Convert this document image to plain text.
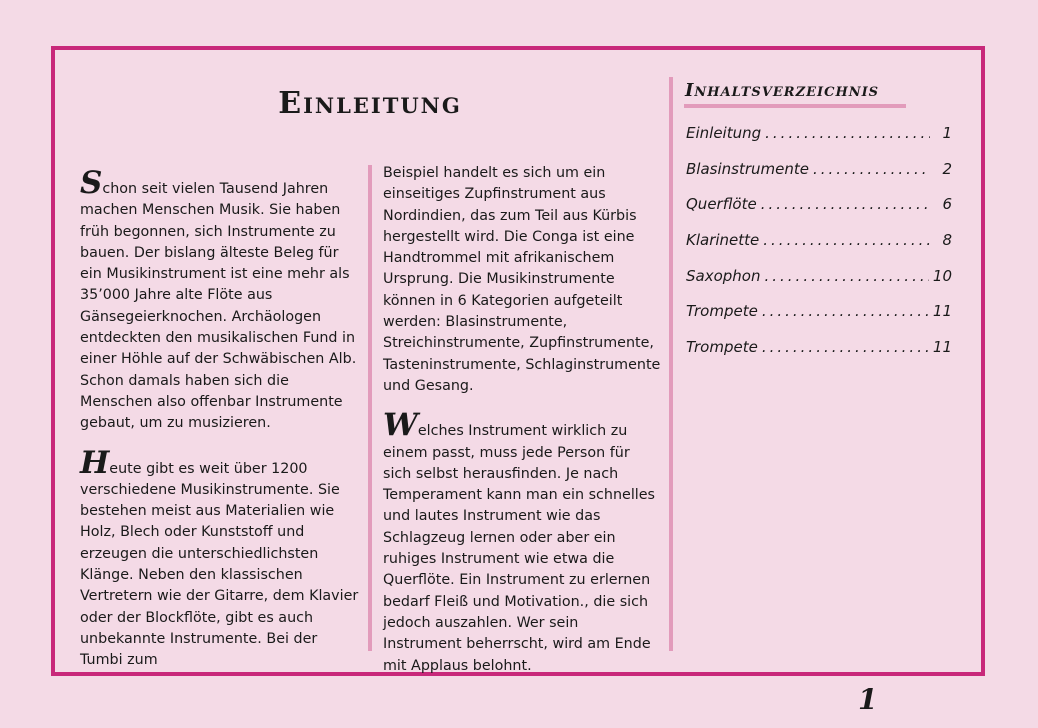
Einleitung

Schon seit vielen Tausend Jahren machen Menschen Musik. Sie haben früh begonnen, sich Instrumente zu bauen. Der bislang älteste Beleg für ein Musikinstrument ist eine mehr als 35’000 Jahre alte Flöte aus Gänsegeierknochen. Archäologen entdeckten den musikalischen Fund in einer Höhle auf der Schwäbischen Alb. Schon damals haben sich die Menschen also offenbar Instrumente gebaut, um zu musizieren.

Heute gibt es weit über 1200 verschiedene Musikinstrumente. Sie bestehen meist aus Materialien wie Holz, Blech oder Kunststoff und erzeugen die unterschiedlichsten Klänge. Neben den klassischen Vertretern wie der Gitarre, dem Klavier oder der Blockflöte, gibt es auch unbekannte Instrumente. Bei der Tumbi zum

Beispiel handelt es sich um ein einseitiges Zupfinstrument aus Nordindien, das zum Teil aus Kürbis hergestellt wird. Die Conga ist eine Handtrommel mit afrikanischem Ursprung. Die Musikinstrumente können in 6 Kategorien aufgeteilt werden: Blasinstrumente, Streichinstrumente, Zupfinstrumente, Tasteninstrumente, Schlaginstrumente und Gesang.

Welches Instrument wirklich zu einem passt, muss jede Person für sich selbst herausfinden. Je nach Temperament kann man ein schnelles und lautes Instrument wie das Schlagzeug lernen oder aber ein ruhiges Instrument wie etwa die Querflöte. Ein Instrument zu erlernen bedarf Fleiß und Motivation., die sich jedoch auszahlen. Wer sein Instrument beherrscht, wird am Ende mit Applaus belohnt.

Inhaltsverzeichnis
Einleitung .....	1
Blasinstrumente .....	2
Querflöte .....	6
Klarinette .....	8
Saxophon .....	10
Trompete .....	11
Trompete .....	11
1
